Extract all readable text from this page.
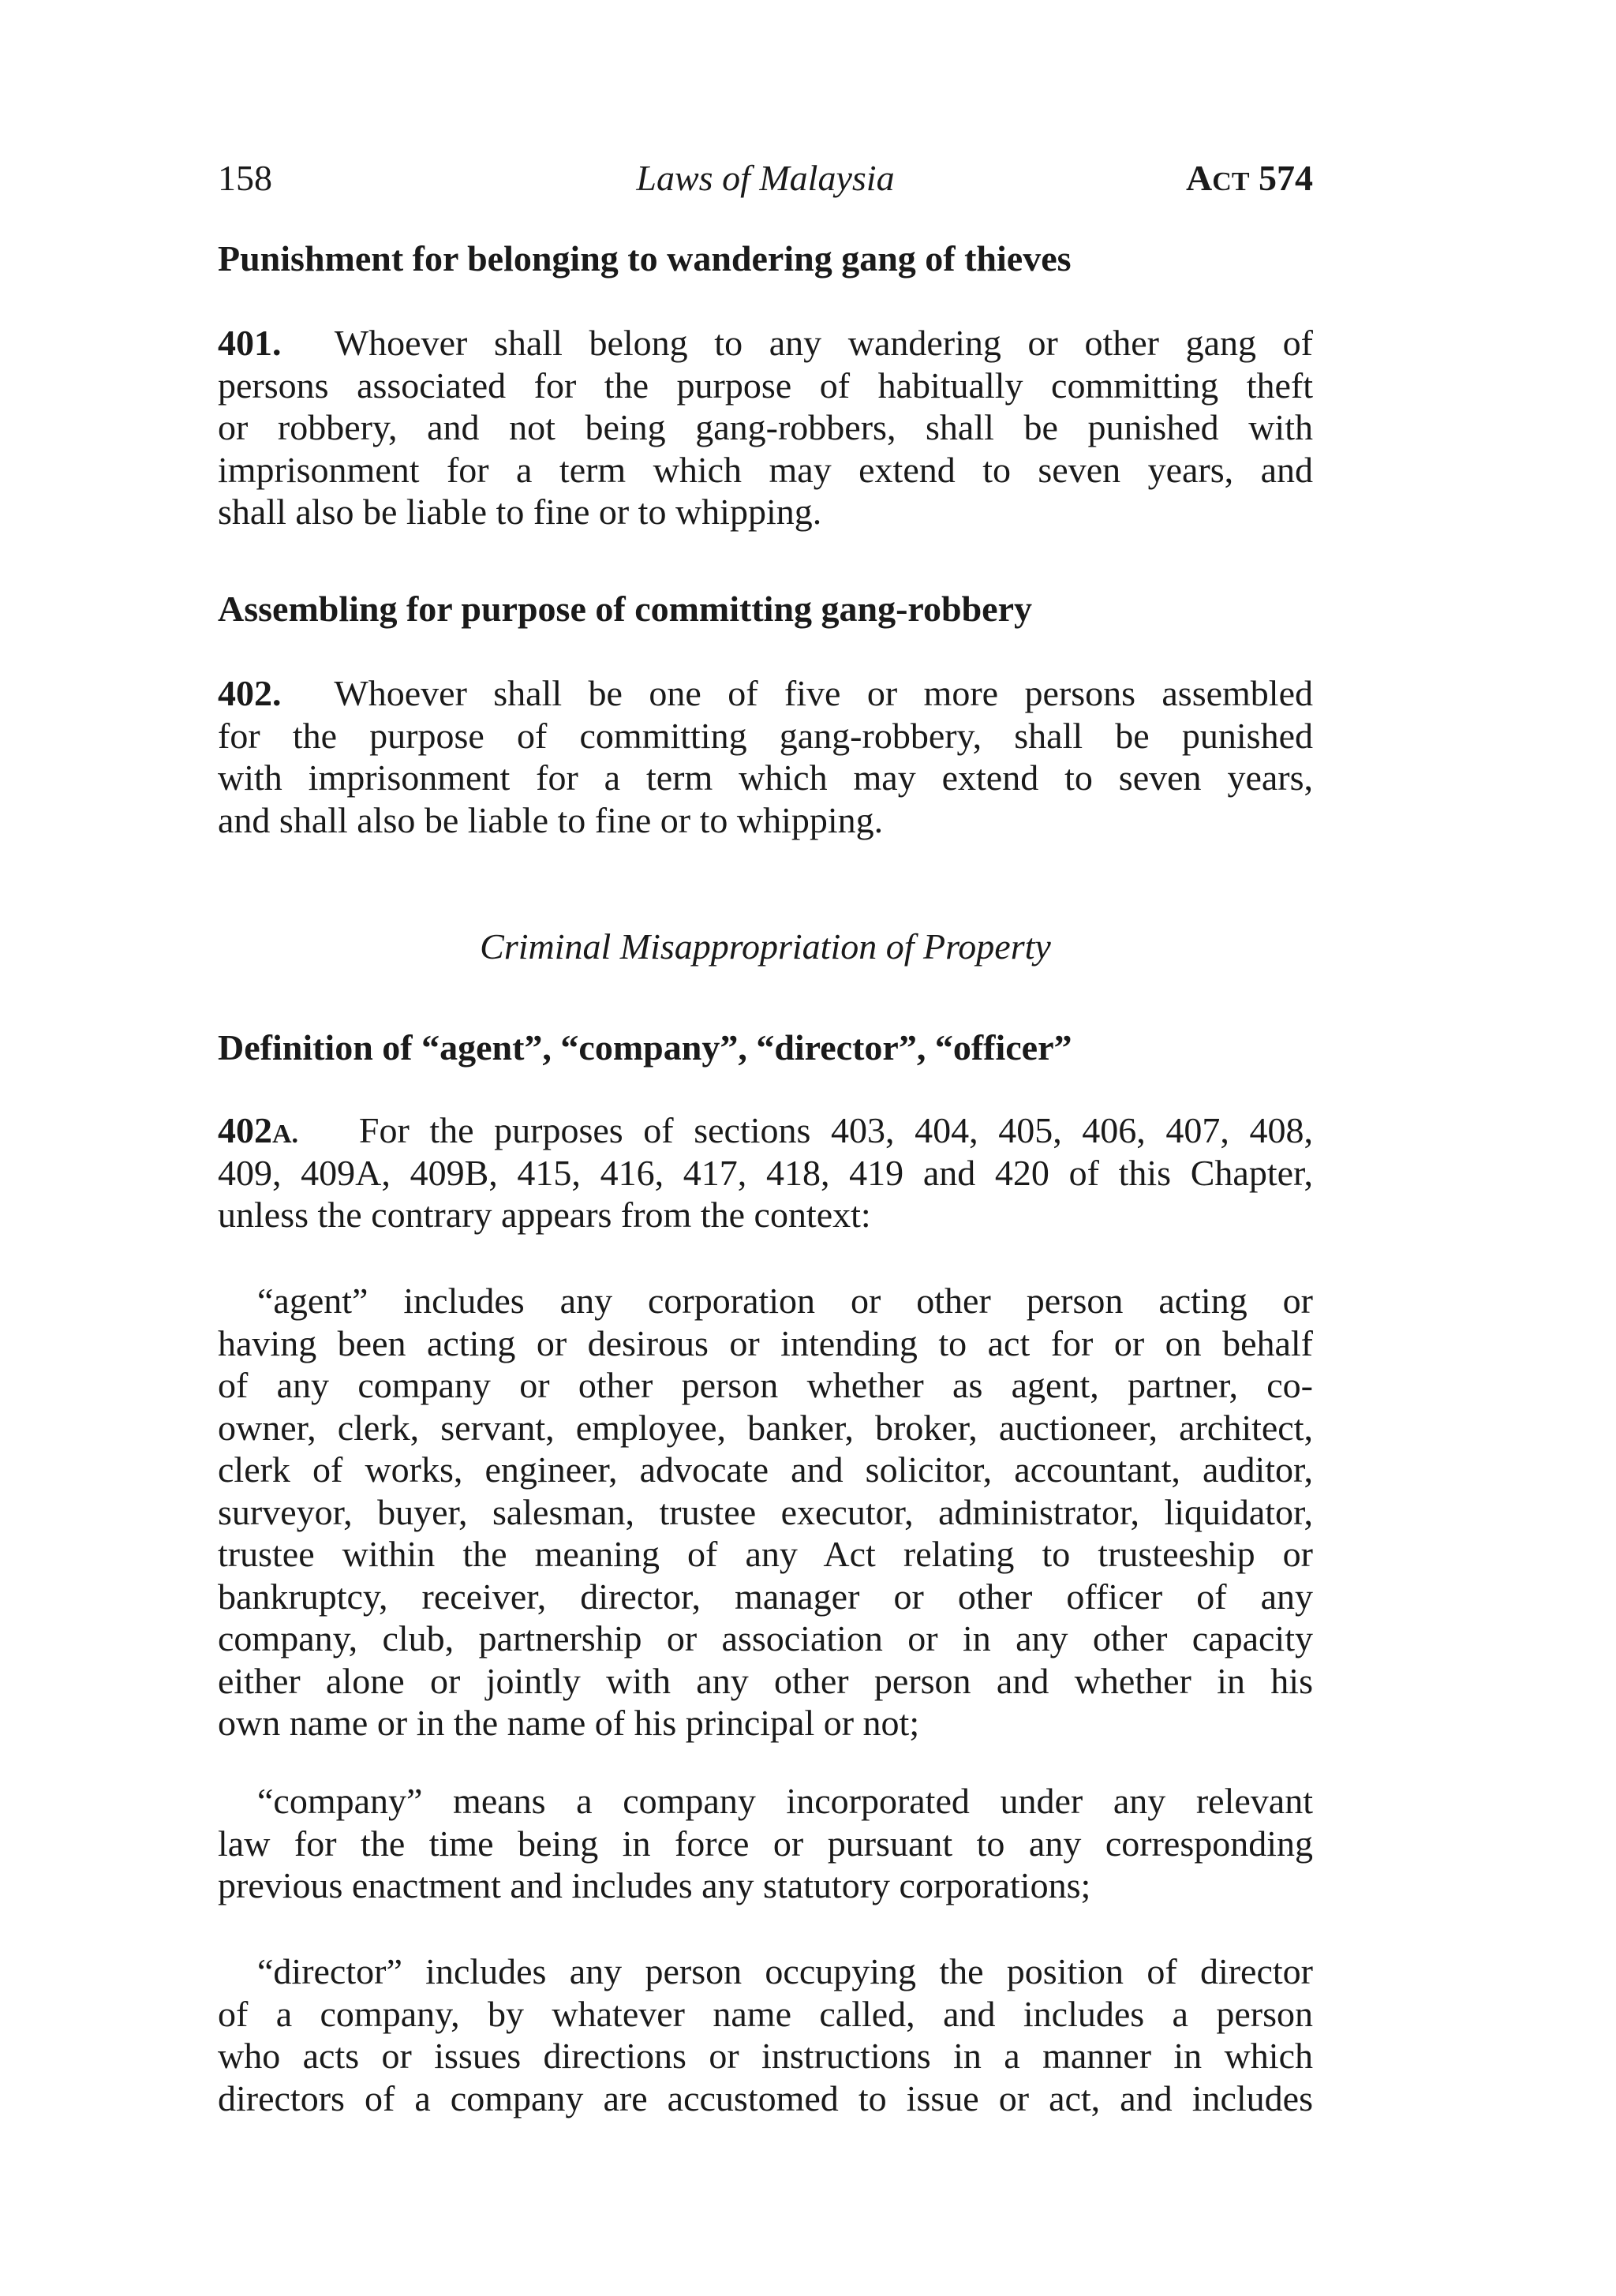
158	Laws of Malaysia	ACT 574
Punishment for belonging to wandering gang of thieves
401. Whoever shall belong to any wandering or other gang of
persons associated for the purpose of habitually committing theft
or robbery, and not being gang-robbers, shall be punished with
imprisonment for a term which may extend to seven years, and
shall also be liable to fine or to whipping.
Assembling for purpose of committing gang-robbery
402. Whoever shall be one of five or more persons assembled
for the purpose of committing gang-robbery, shall be punished
with imprisonment for a term which may extend to seven years,
and shall also be liable to fine or to whipping.
Criminal Misappropriation of Property
Definition of “agent”, “company”, “director”, “officer”
402A. For the purposes of sections 403, 404, 405, 406, 407, 408,
409, 409A, 409B, 415, 416, 417, 418, 419 and 420 of this Chapter,
unless the contrary appears from the context:
“agent” includes any corporation or other person acting or
having been acting or desirous or intending to act for or on behalf
of any company or other person whether as agent, partner, co-
owner, clerk, servant, employee, banker, broker, auctioneer, architect,
clerk of works, engineer, advocate and solicitor, accountant, auditor,
surveyor, buyer, salesman, trustee executor, administrator, liquidator,
trustee within the meaning of any Act relating to trusteeship or
bankruptcy, receiver, director, manager or other officer of any
company, club, partnership or association or in any other capacity
either alone or jointly with any other person and whether in his
own name or in the name of his principal or not;
“company” means a company incorporated under any relevant
law for the time being in force or pursuant to any corresponding
previous enactment and includes any statutory corporations;
“director” includes any person occupying the position of director
of a company, by whatever name called, and includes a person
who acts or issues directions or instructions in a manner in which
directors of a company are accustomed to issue or act, and includes
